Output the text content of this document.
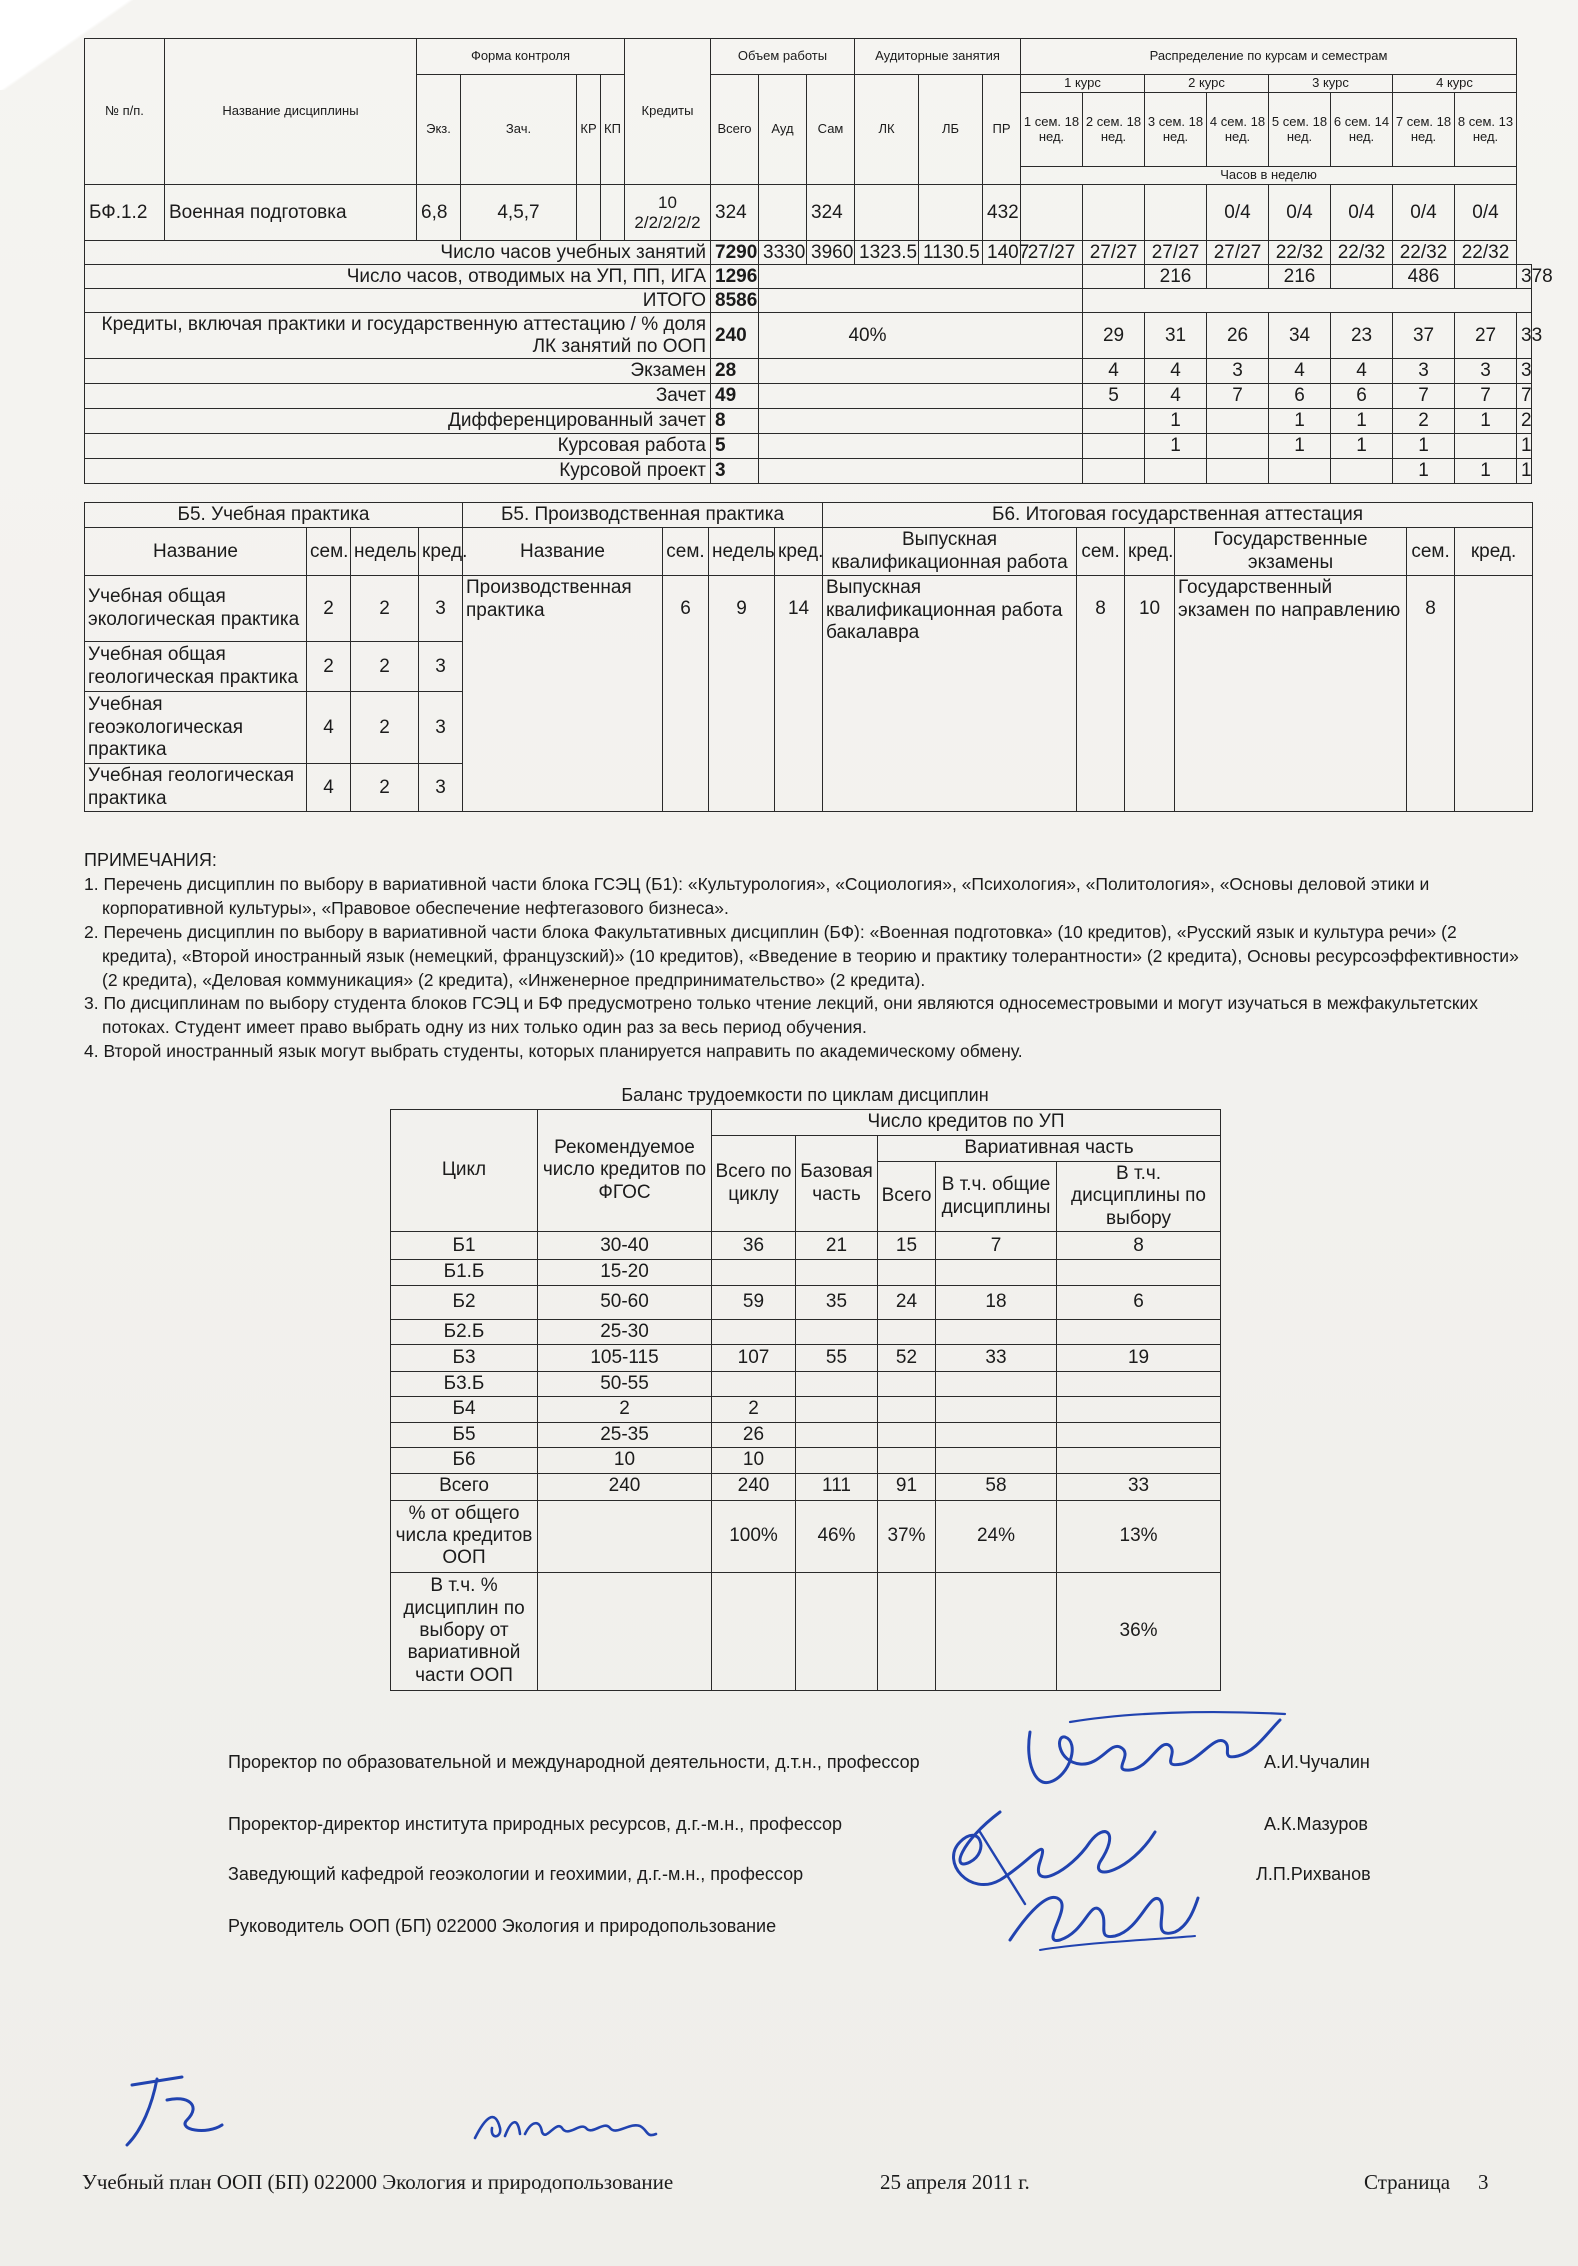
№ п/п.	Название дисциплины	Форма контроля				Кредиты	Объем работы			Аудиторные занятия			Распределение по курсам и семестрам								
		Экз.	Зач.	КР	КП		Всего	Ауд	Сам	ЛК	ЛБ	ПР	1 курс		2 курс		3 курс		4 курс		
													1 сем. 18 нед.	2 сем. 18 нед.	3 сем. 18 нед.	4 сем. 18 нед.	5 сем. 18 нед.	6 сем. 14 нед.	7 сем. 18 нед.	8 сем. 13 нед.	
													Часов в неделю								
БФ.1.2	Военная подготовка	6,8	4,5,7			10 2/2/2/2/2	324		324			432				0/4	0/4	0/4	0/4	0/4	
Число часов учебных занятий							7290	3330	3960	1323.5	1130.5	1407	27/27	27/27	27/27	27/27	22/32	22/32	22/32	22/32	
Число часов, отводимых на УП, ПП, ИГА							1296								216		216		486		378
ИТОГО							8586														
Кредиты, включая практики и государственную аттестацию / % доля ЛК занятий по ООП							240	40%						29	31	26	34	23	37	27	33
Экзамен							28							4	4	3	4	4	3	3	3
Зачет							49							5	4	7	6	6	7	7	7
Дифференцированный зачет							8								1		1	1	2	1	2
Курсовая работа							5								1		1	1	1		1
Курсовой проект							3												1	1	1
Б5. Учебная практика				Б5. Производственная практика				Б6. Итоговая государственная аттестация					
Название	сем.	недель	кред.	Название	сем.	недель	кред.	Выпускная квалификационная работа	сем.	кред.	Государственные экзамены	сем.	кред.
Учебная общая экологическая практика	2	2	3	Производственная практика	6	9	14	Выпускная квалификационная работа бакалавра	8	10	Государственный экзамен по направлению	8	
Учебная общая геологическая практика	2	2	3										
Учебная геоэкологическая практика	4	2	3										
Учебная геологическая практика	4	2	3										
ПРИМЕЧАНИЯ:
1. Перечень дисциплин по выбору в вариативной части блока ГСЭЦ (Б1): «Культурология», «Социология», «Психология», «Политология», «Основы деловой этики и корпоративной культуры», «Правовое обеспечение нефтегазового бизнеса».
2. Перечень дисциплин по выбору в вариативной части блока Факультативных дисциплин (БФ): «Военная подготовка» (10 кредитов), «Русский язык и культура речи» (2 кредита), «Второй иностранный язык (немецкий, французский)» (10 кредитов), «Введение в теорию и практику толерантности» (2 кредита), Основы ресурсоэффективности» (2 кредита), «Деловая коммуникация» (2 кредита), «Инженерное предпринимательство» (2 кредита).
3. По дисциплинам по выбору студента блоков ГСЭЦ и БФ предусмотрено только чтение лекций, они являются односеместровыми и могут изучаться в межфакультетских потоках. Студент имеет право выбрать одну из них только один раз за весь период обучения.
4. Второй иностранный язык могут выбрать студенты, которых планируется направить по академическому обмену.
Баланс трудоемкости по циклам дисциплин
Цикл	Рекомендуемое число кредитов по ФГОС	Число кредитов по УП				
		Всего по циклу	Базовая часть	Вариативная часть		
				Всего	В т.ч. общие дисциплины	В т.ч. дисциплины по выбору
Б1	30-40	36	21	15	7	8
Б1.Б	15-20					
Б2	50-60	59	35	24	18	6
Б2.Б	25-30					
Б3	105-115	107	55	52	33	19
Б3.Б	50-55					
Б4	2	2				
Б5	25-35	26				
Б6	10	10				
Всего	240	240	111	91	58	33
% от общего числа кредитов ООП		100%	46%	37%	24%	13%
В т.ч. % дисциплин по выбору от вариативной части ООП						36%
Проректор по образовательной и международной деятельности, д.т.н., профессор	А.И.Чучалин
Проректор-директор института природных ресурсов, д.г.-м.н., профессор	А.К.Мазуров
Заведующий кафедрой геоэкологии и геохимии, д.г.-м.н., профессор	Л.П.Рихванов
Руководитель ООП (БП) 022000 Экология и природопользование
Учебный план ООП (БП) 022000 Экология и природопользование	25 апреля 2011 г.	Страница 3
